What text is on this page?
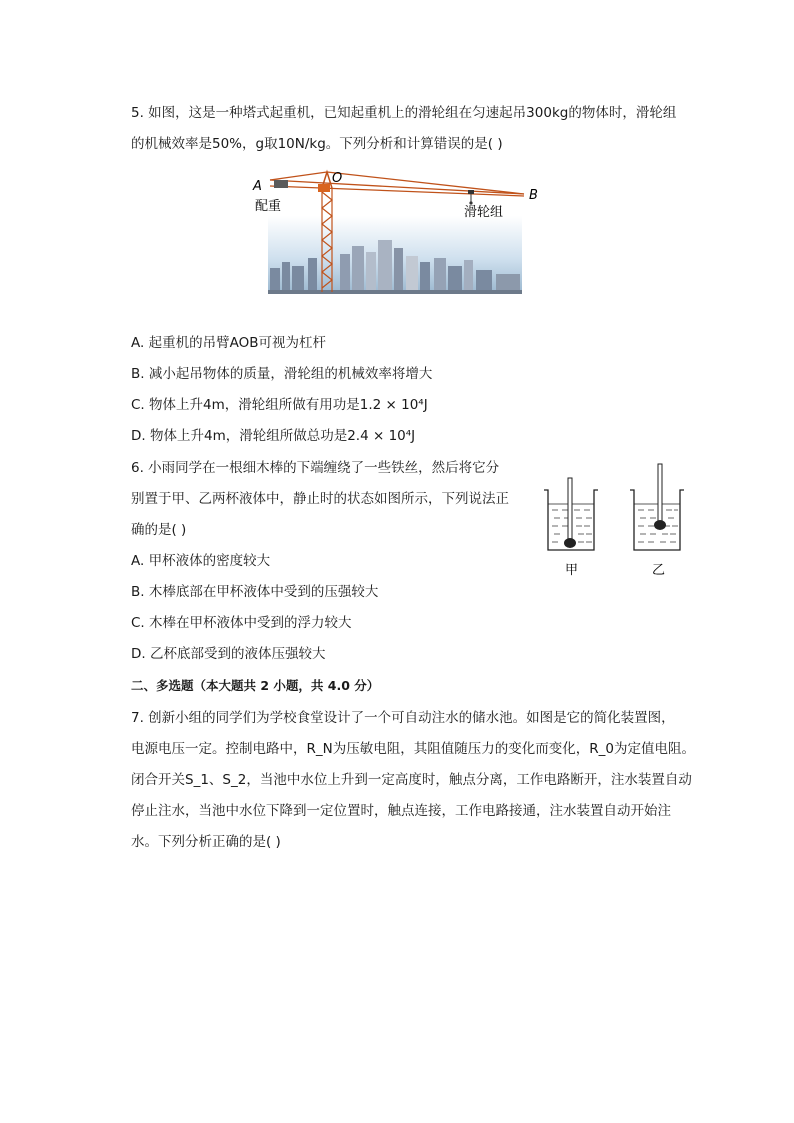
5. 如图，这是一种塔式起重机，已知起重机上的滑轮组在匀速起吊300kg的物体时，滑轮组
的机械效率是50%，g取10N/kg。下列分析和计算错误的是( )
A
O
B
配重	滑轮组
A. 起重机的吊臂AOB可视为杠杆
B. 减小起吊物体的质量，滑轮组的机械效率将增大
C. 物体上升4m，滑轮组所做有用功是1.2 × 10⁴J
D. 物体上升4m，滑轮组所做总功是2.4 × 10⁴J
6. 小雨同学在一根细木棒的下端缠绕了一些铁丝，然后将它分
别置于甲、乙两杯液体中，静止时的状态如图所示，下列说法正
确的是( )
甲	乙
A. 甲杯液体的密度较大
B. 木棒底部在甲杯液体中受到的压强较大
C. 木棒在甲杯液体中受到的浮力较大
D. 乙杯底部受到的液体压强较大
二、多选题（本大题共 2 小题，共 4.0 分）
7. 创新小组的同学们为学校食堂设计了一个可自动注水的储水池。如图是它的简化装置图，
电源电压一定。控制电路中，R_N为压敏电阻，其阻值随压力的变化而变化，R_0为定值电阻。
闭合开关S_1、S_2，当池中水位上升到一定高度时，触点分离，工作电路断开，注水装置自动
停止注水，当池中水位下降到一定位置时，触点连接，工作电路接通，注水装置自动开始注
水。下列分析正确的是( )
